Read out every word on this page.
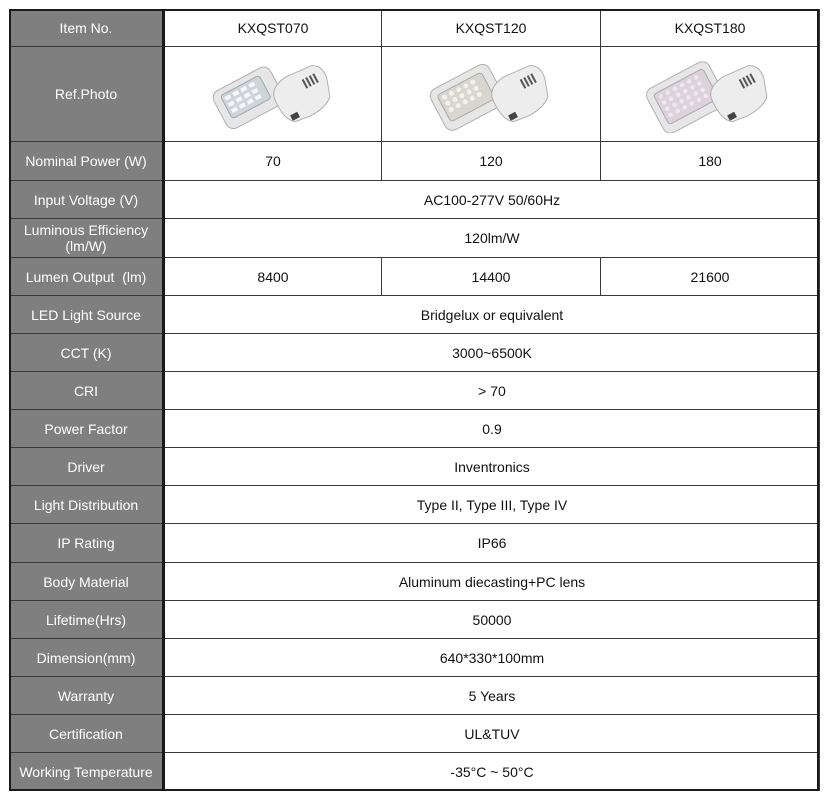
Item No.	KXQST070	KXQST120	KXQST180
Ref.Photo	

Nominal Power (W)	70	120	180
Input Voltage (V)	AC100-277V 50/60Hz		
Luminous Efficiency
(lm/W)	120lm/W		
Lumen Output  (lm)	8400	14400	21600
LED Light Source	Bridgelux or equivalent		
CCT (K)	3000~6500K		
CRI	> 70		
Power Factor	0.9		
Driver	Inventronics		
Light Distribution	Type II, Type III, Type IV		
IP Rating	IP66		
Body Material	Aluminum diecasting+PC lens		
Lifetime(Hrs)	50000		
Dimension(mm)	640*330*100mm		
Warranty	5 Years		
Certification	UL&TUV		
Working Temperature	-35°C ~ 50°C		
